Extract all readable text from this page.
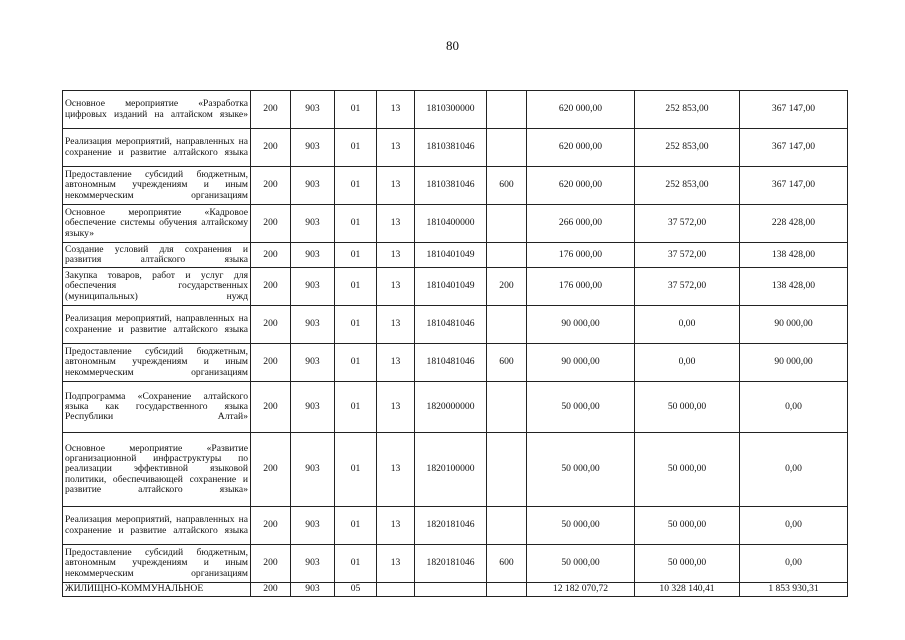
80
Основное мероприятие «Разработка цифровых изданий на алтайском языке»	200	903	01	13	1810300000		620 000,00	252 853,00	367 147,00
Реализация мероприятий, направленных на сохранение и развитие алтайского языка	200	903	01	13	1810381046		620 000,00	252 853,00	367 147,00
Предоставление субсидий бюджетным, автономным учреждениям и иным некоммерческим организациям	200	903	01	13	1810381046	600	620 000,00	252 853,00	367 147,00
Основное мероприятие «Кадровое обеспечение системы обучения алтайскому языку»	200	903	01	13	1810400000		266 000,00	37 572,00	228 428,00
Создание условий для сохранения и развития алтайского языка	200	903	01	13	1810401049		176 000,00	37 572,00	138 428,00
Закупка товаров, работ и услуг для обеспечения государственных (муниципальных) нужд	200	903	01	13	1810401049	200	176 000,00	37 572,00	138 428,00
Реализация мероприятий, направленных на сохранение и развитие алтайского языка	200	903	01	13	1810481046		90 000,00	0,00	90 000,00
Предоставление субсидий бюджетным, автономным учреждениям и иным некоммерческим организациям	200	903	01	13	1810481046	600	90 000,00	0,00	90 000,00
Подпрограмма «Сохранение алтайского языка как государственного языка Республики Алтай»	200	903	01	13	1820000000		50 000,00	50 000,00	0,00
Основное мероприятие «Развитие организационной инфраструктуры по реализации эффективной языковой политики, обеспечивающей сохранение и развитие алтайского языка»	200	903	01	13	1820100000		50 000,00	50 000,00	0,00
Реализация мероприятий, направленных на сохранение и развитие алтайского языка	200	903	01	13	1820181046		50 000,00	50 000,00	0,00
Предоставление субсидий бюджетным, автономным учреждениям и иным некоммерческим организациям	200	903	01	13	1820181046	600	50 000,00	50 000,00	0,00
ЖИЛИЩНО-КОММУНАЛЬНОЕ	200	903	05				12 182 070,72	10 328 140,41	1 853 930,31
